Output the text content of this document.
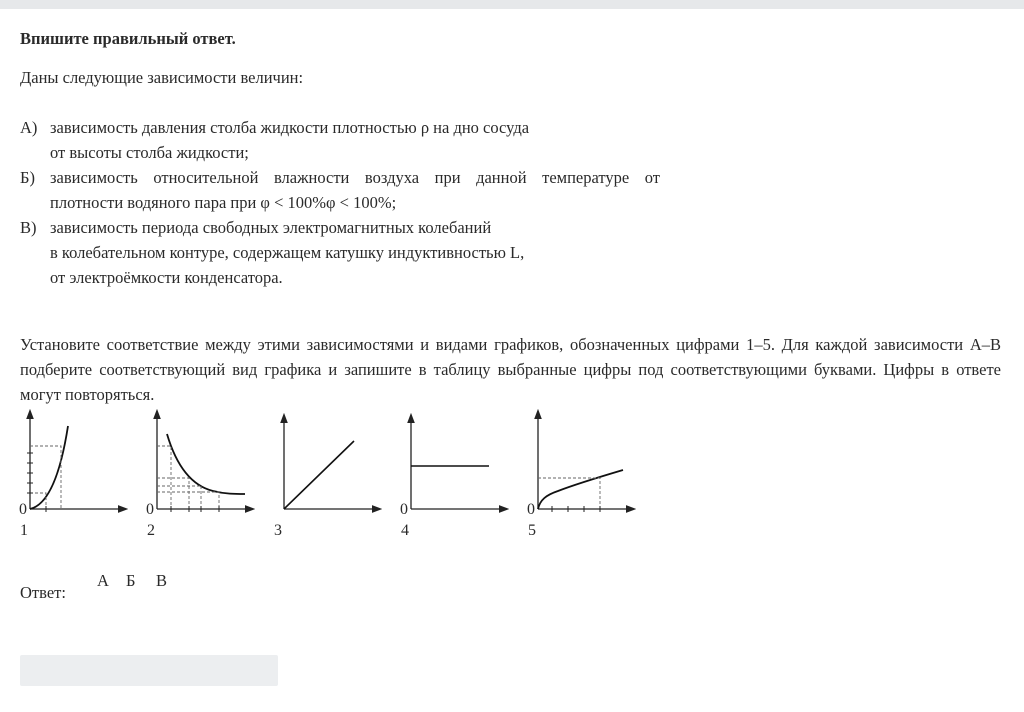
Впишите правильный ответ.

Даны следующие зависимости величин:

А) зависимость давления столба жидкости плотностью ρ на дно сосуда
от высоты столба жидкости;
Б) зависимость относительной влажности воздуха при данной температуре от
плотности водяного пара при φ < 100%φ < 100%;
В) зависимость периода свободных электромагнитных колебаний
в колебательном контуре, содержащем катушку индуктивностью L,
от электроёмкости конденсатора.

Установите соответствие между этими зависимостями и видами графиков, обозначенных цифрами 1–5. Для каждой зависимости А–В подберите соответствующий вид графика и запишите в таблицу выбранные цифры под соответствующими буквами. Цифры в ответе могут повторяться.

0
1
0
2	3
0
4
0
5
Ответ:
А Б В
